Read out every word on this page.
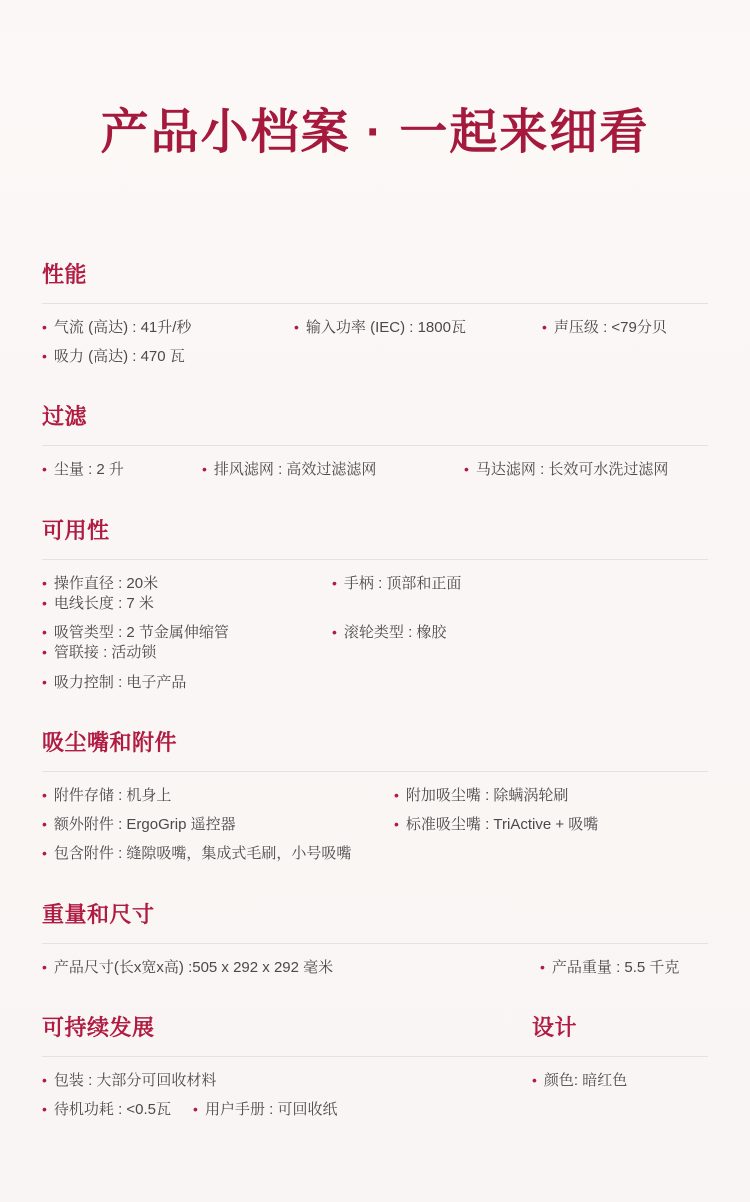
产品小档案 · 一起来细看
性能
• 气流 (高达) : 41升/秒	• 输入功率 (IEC) : 1800瓦	• 声压级 : <79分贝
• 吸力 (高达) : 470 瓦
过滤
• 尘量 : 2 升	• 排风滤网 : 高效过滤滤网	• 马达滤网 : 长效可水洗过滤网
可用性
• 操作直径 : 20米	• 手柄 : 顶部和正面
• 电线长度 : 7 米
• 吸管类型 : 2 节金属伸缩管	• 滚轮类型 : 橡胶
• 管联接 : 活动锁
• 吸力控制 : 电子产品
吸尘嘴和附件
• 附件存储 : 机身上	• 附加吸尘嘴 : 除螨涡轮刷
• 额外附件 : ErgoGrip 遥控器	• 标准吸尘嘴 : TriActive + 吸嘴
• 包含附件 : 缝隙吸嘴，集成式毛刷，小号吸嘴
重量和尺寸
• 产品尺寸(长x宽x高) :505 x 292 x 292 毫米	• 产品重量 : 5.5 千克
可持续发展
• 包装 : 大部分可回收材料
• 待机功耗 : <0.5瓦 • 用户手册 : 可回收纸
设计
• 颜色: 暗红色
